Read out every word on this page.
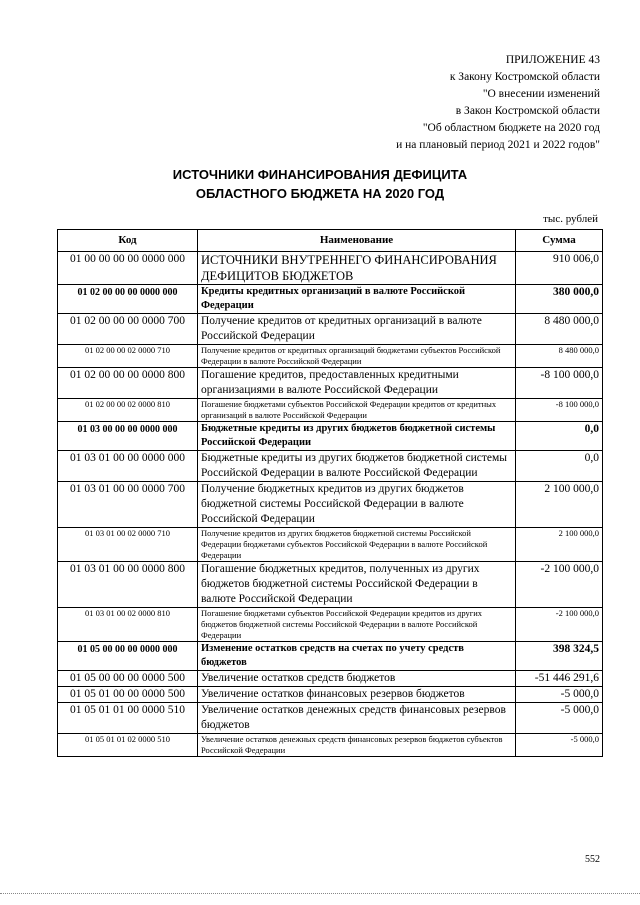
ПРИЛОЖЕНИЕ 43
к Закону Костромской области
"О внесении изменений
в Закон Костромской области
"Об областном бюджете на 2020 год
и на плановый период 2021 и 2022 годов"
ИСТОЧНИКИ ФИНАНСИРОВАНИЯ ДЕФИЦИТА
ОБЛАСТНОГО БЮДЖЕТА НА 2020 ГОД
тыс. рублей
Код	Наименование	Сумма
01 00 00 00 00 0000 000	ИСТОЧНИКИ ВНУТРЕННЕГО ФИНАНСИРОВАНИЯ ДЕФИЦИТОВ БЮДЖЕТОВ	910 006,0
01 02 00 00 00 0000 000	Кредиты кредитных организаций в валюте Российской Федерации	380 000,0
01 02 00 00 00 0000 700	Получение кредитов от кредитных организаций в валюте Российской Федерации	8 480 000,0
01 02 00 00 02 0000 710	Получение кредитов от кредитных организаций бюджетами субъектов Российской Федерации в валюте Российской Федерации	8 480 000,0
01 02 00 00 00 0000 800	Погашение кредитов, предоставленных кредитными организациями в валюте Российской Федерации	-8 100 000,0
01 02 00 00 02 0000 810	Погашение бюджетами субъектов Российской Федерации кредитов от кредитных организаций в валюте Российской Федерации	-8 100 000,0
01 03 00 00 00 0000 000	Бюджетные кредиты из других бюджетов бюджетной системы Российской Федерации	0,0
01 03 01 00 00 0000 000	Бюджетные кредиты из других бюджетов бюджетной системы Российской Федерации в валюте Российской Федерации	0,0
01 03 01 00 00 0000 700	Получение бюджетных кредитов из других бюджетов бюджетной системы Российской Федерации в валюте Российской Федерации	2 100 000,0
01 03 01 00 02 0000 710	Получение кредитов из других бюджетов бюджетной системы Российской Федерации бюджетами субъектов Российской Федерации в валюте Российской Федерации	2 100 000,0
01 03 01 00 00 0000 800	Погашение бюджетных кредитов, полученных из других бюджетов бюджетной системы Российской Федерации в валюте Российской Федерации	-2 100 000,0
01 03 01 00 02 0000 810	Погашение бюджетами субъектов Российской Федерации кредитов из других бюджетов бюджетной системы Российской Федерации в валюте Российской Федерации	-2 100 000,0
01 05 00 00 00 0000 000	Изменение остатков средств на счетах по учету средств бюджетов	398 324,5
01 05 00 00 00 0000 500	Увеличение остатков средств бюджетов	-51 446 291,6
01 05 01 00 00 0000 500	Увеличение остатков финансовых резервов бюджетов	-5 000,0
01 05 01 01 00 0000 510	Увеличение остатков денежных средств финансовых резервов бюджетов	-5 000,0
01 05 01 01 02 0000 510	Увеличение остатков денежных средств финансовых резервов бюджетов субъектов Российской Федерации	-5 000,0
552
